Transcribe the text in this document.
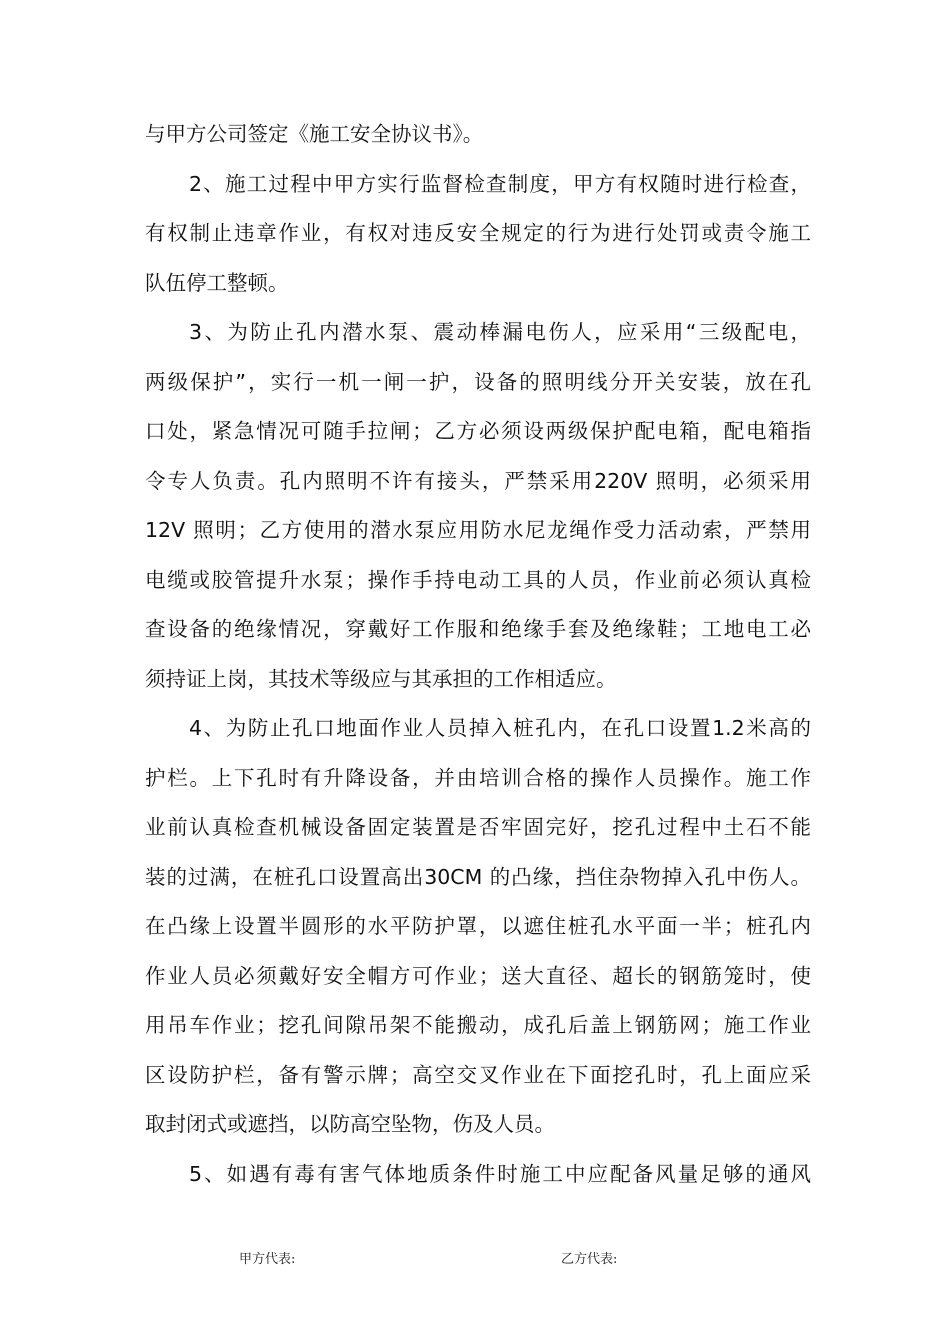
与甲方公司签定《施工安全协议书》。
2、施工过程中甲方实行监督检查制度，甲方有权随时进行检查，
有权制止违章作业，有权对违反安全规定的行为进行处罚或责令施工
队伍停工整顿。
3、为防止孔内潜水泵、震动棒漏电伤人，应采用“三级配电，
两级保护”，实行一机一闸一护，设备的照明线分开关安装，放在孔
口处，紧急情况可随手拉闸；乙方必须设两级保护配电箱，配电箱指
令专人负责。孔内照明不许有接头，严禁采用220V 照明，必须采用
12V 照明；乙方使用的潜水泵应用防水尼龙绳作受力活动索，严禁用
电缆或胶管提升水泵；操作手持电动工具的人员，作业前必须认真检
查设备的绝缘情况，穿戴好工作服和绝缘手套及绝缘鞋；工地电工必
须持证上岗，其技术等级应与其承担的工作相适应。
4、为防止孔口地面作业人员掉入桩孔内，在孔口设置1.2米高的
护栏。上下孔时有升降设备，并由培训合格的操作人员操作。施工作
业前认真检查机械设备固定装置是否牢固完好，挖孔过程中土石不能
装的过满，在桩孔口设置高出30CM 的凸缘，挡住杂物掉入孔中伤人。
在凸缘上设置半圆形的水平防护罩，以遮住桩孔水平面一半；桩孔内
作业人员必须戴好安全帽方可作业；送大直径、超长的钢筋笼时，使
用吊车作业；挖孔间隙吊架不能搬动，成孔后盖上钢筋网；施工作业
区设防护栏，备有警示牌；高空交叉作业在下面挖孔时，孔上面应采
取封闭式或遮挡，以防高空坠物，伤及人员。
5、如遇有毒有害气体地质条件时施工中应配备风量足够的通风
甲方代表:	乙方代表:
